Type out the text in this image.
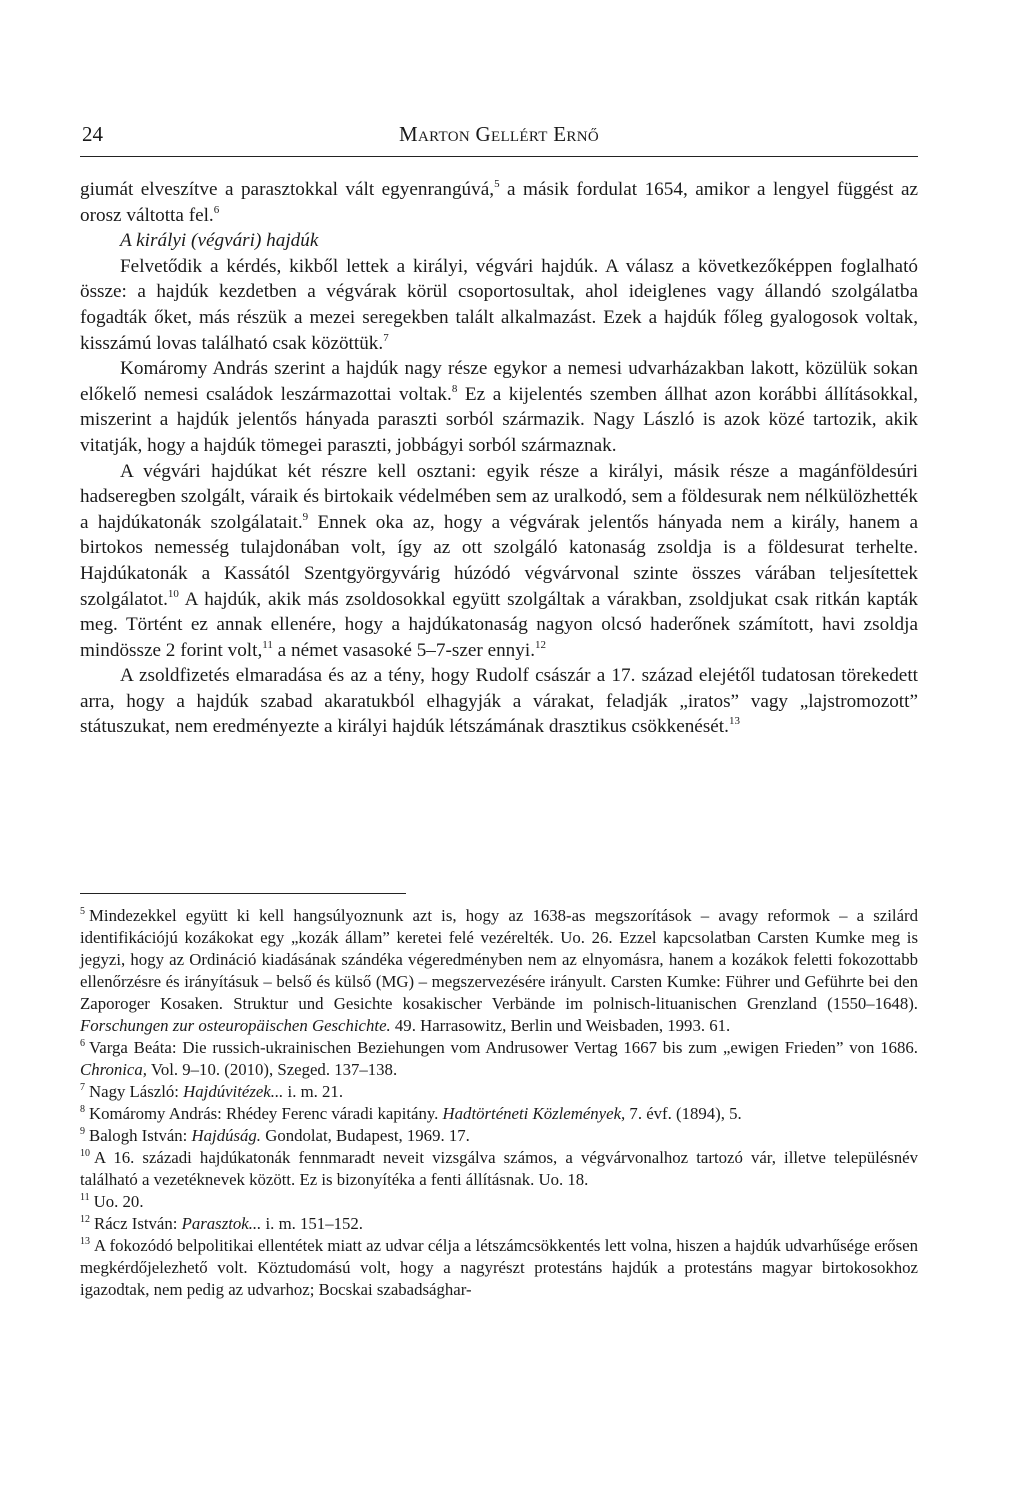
24	Marton Gellért Ernő

giumát elveszítve a parasztokkal vált egyenrangúvá,$^5$ a másik fordulat 1654, amikor a lengyel függést az orosz váltotta fel.$^6$

A királyi (végvári) hajdúk

Felvetődik a kérdés, kikből lettek a királyi, végvári hajdúk. A válasz a következőképpen foglalható össze: a hajdúk kezdetben a végvárak körül csoportosultak, ahol ideiglenes vagy állandó szolgálatba fogadták őket, más részük a mezei seregekben talált alkalmazást. Ezek a hajdúk főleg gyalogosok voltak, kisszámú lovas található csak közöttük.$^7$

Komáromy András szerint a hajdúk nagy része egykor a nemesi udvarházakban lakott, közülük sokan előkelő nemesi családok leszármazottai voltak.$^8$ Ez a kijelentés szemben állhat azon korábbi állításokkal, miszerint a hajdúk jelentős hányada paraszti sorból származik. Nagy László is azok közé tartozik, akik vitatják, hogy a hajdúk tömegei paraszti, jobbágyi sorból származnak.

A végvári hajdúkat két részre kell osztani: egyik része a királyi, másik része a magánföldesúri hadseregben szolgált, váraik és birtokaik védelmében sem az uralkodó, sem a földesurak nem nélkülözhették a hajdúkatonák szolgálatait.$^9$ Ennek oka az, hogy a végvárak jelentős hányada nem a király, hanem a birtokos nemesség tulajdonában volt, így az ott szolgáló katonaság zsoldja is a földesurat terhelte. Hajdúkatonák a Kassától Szentgyörgyvárig húzódó végvárvonal szinte összes várában teljesítettek szolgálatot.$^{10}$ A hajdúk, akik más zsoldosokkal együtt szolgáltak a várakban, zsoldjukat csak ritkán kapták meg. Történt ez annak ellenére, hogy a hajdúkatonaság nagyon olcsó haderőnek számított, havi zsoldja mindössze 2 forint volt,$^{11}$ a német vasasoké 5–7-szer ennyi.$^{12}$

A zsoldfizetés elmaradása és az a tény, hogy Rudolf császár a 17. század elejétől tudatosan törekedett arra, hogy a hajdúk szabad akaratukból elhagyják a várakat, feladják „iratos” vagy „lajstromozott” státuszukat, nem eredményezte a királyi hajdúk létszámának drasztikus csökkenését.$^{13}$

$^5$ Mindezekkel együtt ki kell hangsúlyoznunk azt is, hogy az 1638-as megszorítások – avagy reformok – a szilárd identifikációjú kozákokat egy „kozák állam” keretei felé vezérelték. Uo. 26. Ezzel kapcsolatban Carsten Kumke meg is jegyzi, hogy az Ordináció kiadásának szándéka végeredményben nem az elnyomásra, hanem a kozákok feletti fokozottabb ellenőrzésre és irányításuk – belső és külső (MG) – megszervezésére irányult. Carsten Kumke: Führer und Geführte bei den Zaporoger Kosaken. Struktur und Gesichte kosakischer Verbände im polnisch-lituanischen Grenzland (1550–1648). Forschungen zur osteuropäischen Geschichte. 49. Harrasowitz, Berlin und Weisbaden, 1993. 61.

$^6$ Varga Beáta: Die russich-ukrainischen Beziehungen vom Andrusower Vertag 1667 bis zum „ewigen Frieden” von 1686. Chronica, Vol. 9–10. (2010), Szeged. 137–138.

$^7$ Nagy László: Hajdúvitézek... i. m. 21.

$^8$ Komáromy András: Rhédey Ferenc váradi kapitány. Hadtörténeti Közlemények, 7. évf. (1894), 5.

$^9$ Balogh István: Hajdúság. Gondolat, Budapest, 1969. 17.

$^{10}$ A 16. századi hajdúkatonák fennmaradt neveit vizsgálva számos, a végvárvonalhoz tartozó vár, illetve településnév található a vezetéknevek között. Ez is bizonyítéka a fenti állításnak. Uo. 18.

$^{11}$ Uo. 20.

$^{12}$ Rácz István: Parasztok... i. m. 151–152.

$^{13}$ A fokozódó belpolitikai ellentétek miatt az udvar célja a létszámcsökkentés lett volna, hiszen a hajdúk udvarhűsége erősen megkérdőjelezhető volt. Köztudomású volt, hogy a nagyrészt protestáns hajdúk a protestáns magyar birtokosokhoz igazodtak, nem pedig az udvarhoz; Bocskai szabadsághar-
